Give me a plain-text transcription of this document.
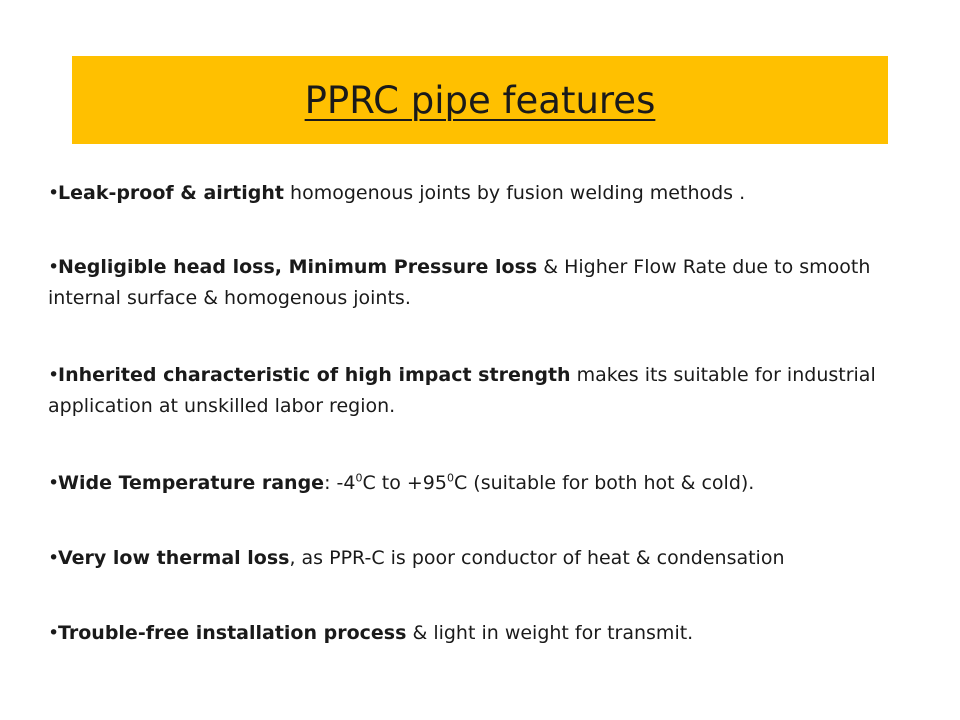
PPRC pipe features
•Leak-proof & airtight homogenous joints by fusion welding methods .
•Negligible head loss, Minimum Pressure loss & Higher Flow Rate due to smooth internal surface & homogenous joints.
•Inherited characteristic of high impact strength makes its suitable for industrial application at unskilled labor region.
•Wide Temperature range: $-4^0C$ to $+95^0C$ (suitable for both hot & cold).
•Very low thermal loss, as PPR-C is poor conductor of heat & condensation
•Trouble-free installation process & light in weight for transmit.
